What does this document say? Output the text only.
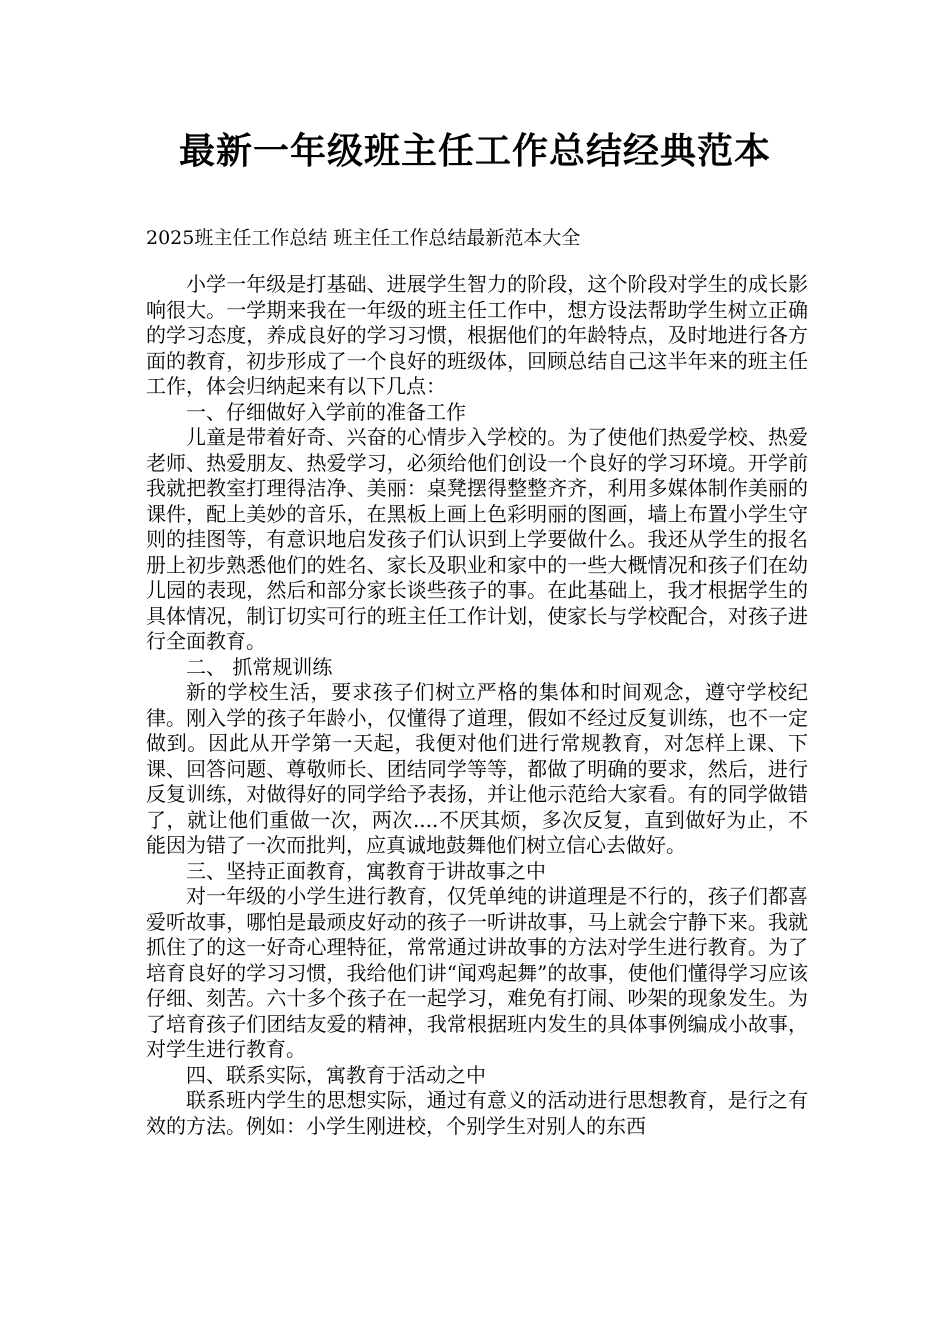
最新一年级班主任工作总结经典范本

2025班主任工作总结 班主任工作总结最新范本大全

小学一年级是打基础、进展学生智力的阶段，这个阶段对学生的成长影响很大。一学期来我在一年级的班主任工作中，想方设法帮助学生树立正确的学习态度，养成良好的学习习惯，根据他们的年龄特点，及时地进行各方面的教育，初步形成了一个良好的班级体，回顾总结自己这半年来的班主任工作，体会归纳起来有以下几点：

一、仔细做好入学前的准备工作

儿童是带着好奇、兴奋的心情步入学校的。为了使他们热爱学校、热爱老师、热爱朋友、热爱学习，必须给他们创设一个良好的学习环境。开学前我就把教室打理得洁净、美丽：桌凳摆得整整齐齐，利用多媒体制作美丽的课件，配上美妙的音乐，在黑板上画上色彩明丽的图画，墙上布置小学生守则的挂图等，有意识地启发孩子们认识到上学要做什么。我还从学生的报名册上初步熟悉他们的姓名、家长及职业和家中的一些大概情况和孩子们在幼儿园的表现，然后和部分家长谈些孩子的事。在此基础上，我才根据学生的具体情况，制订切实可行的班主任工作计划，使家长与学校配合，对孩子进行全面教育。

二、 抓常规训练

新的学校生活，要求孩子们树立严格的集体和时间观念，遵守学校纪律。刚入学的孩子年龄小，仅懂得了道理，假如不经过反复训练，也不一定做到。因此从开学第一天起，我便对他们进行常规教育，对怎样上课、下课、回答问题、尊敬师长、团结同学等等，都做了明确的要求，然后，进行反复训练，对做得好的同学给予表扬，并让他示范给大家看。有的同学做错了，就让他们重做一次，两次....不厌其烦，多次反复，直到做好为止，不能因为错了一次而批判，应真诚地鼓舞他们树立信心去做好。

三、坚持正面教育，寓教育于讲故事之中

对一年级的小学生进行教育，仅凭单纯的讲道理是不行的，孩子们都喜爱听故事，哪怕是最顽皮好动的孩子一听讲故事，马上就会宁静下来。我就抓住了的这一好奇心理特征，常常通过讲故事的方法对学生进行教育。为了培育良好的学习习惯，我给他们讲“闻鸡起舞”的故事，使他们懂得学习应该仔细、刻苦。六十多个孩子在一起学习，难免有打闹、吵架的现象发生。为了培育孩子们团结友爱的精神，我常根据班内发生的具体事例编成小故事，对学生进行教育。

四、联系实际，寓教育于活动之中

联系班内学生的思想实际，通过有意义的活动进行思想教育，是行之有效的方法。例如：小学生刚进校，个别学生对别人的东西
